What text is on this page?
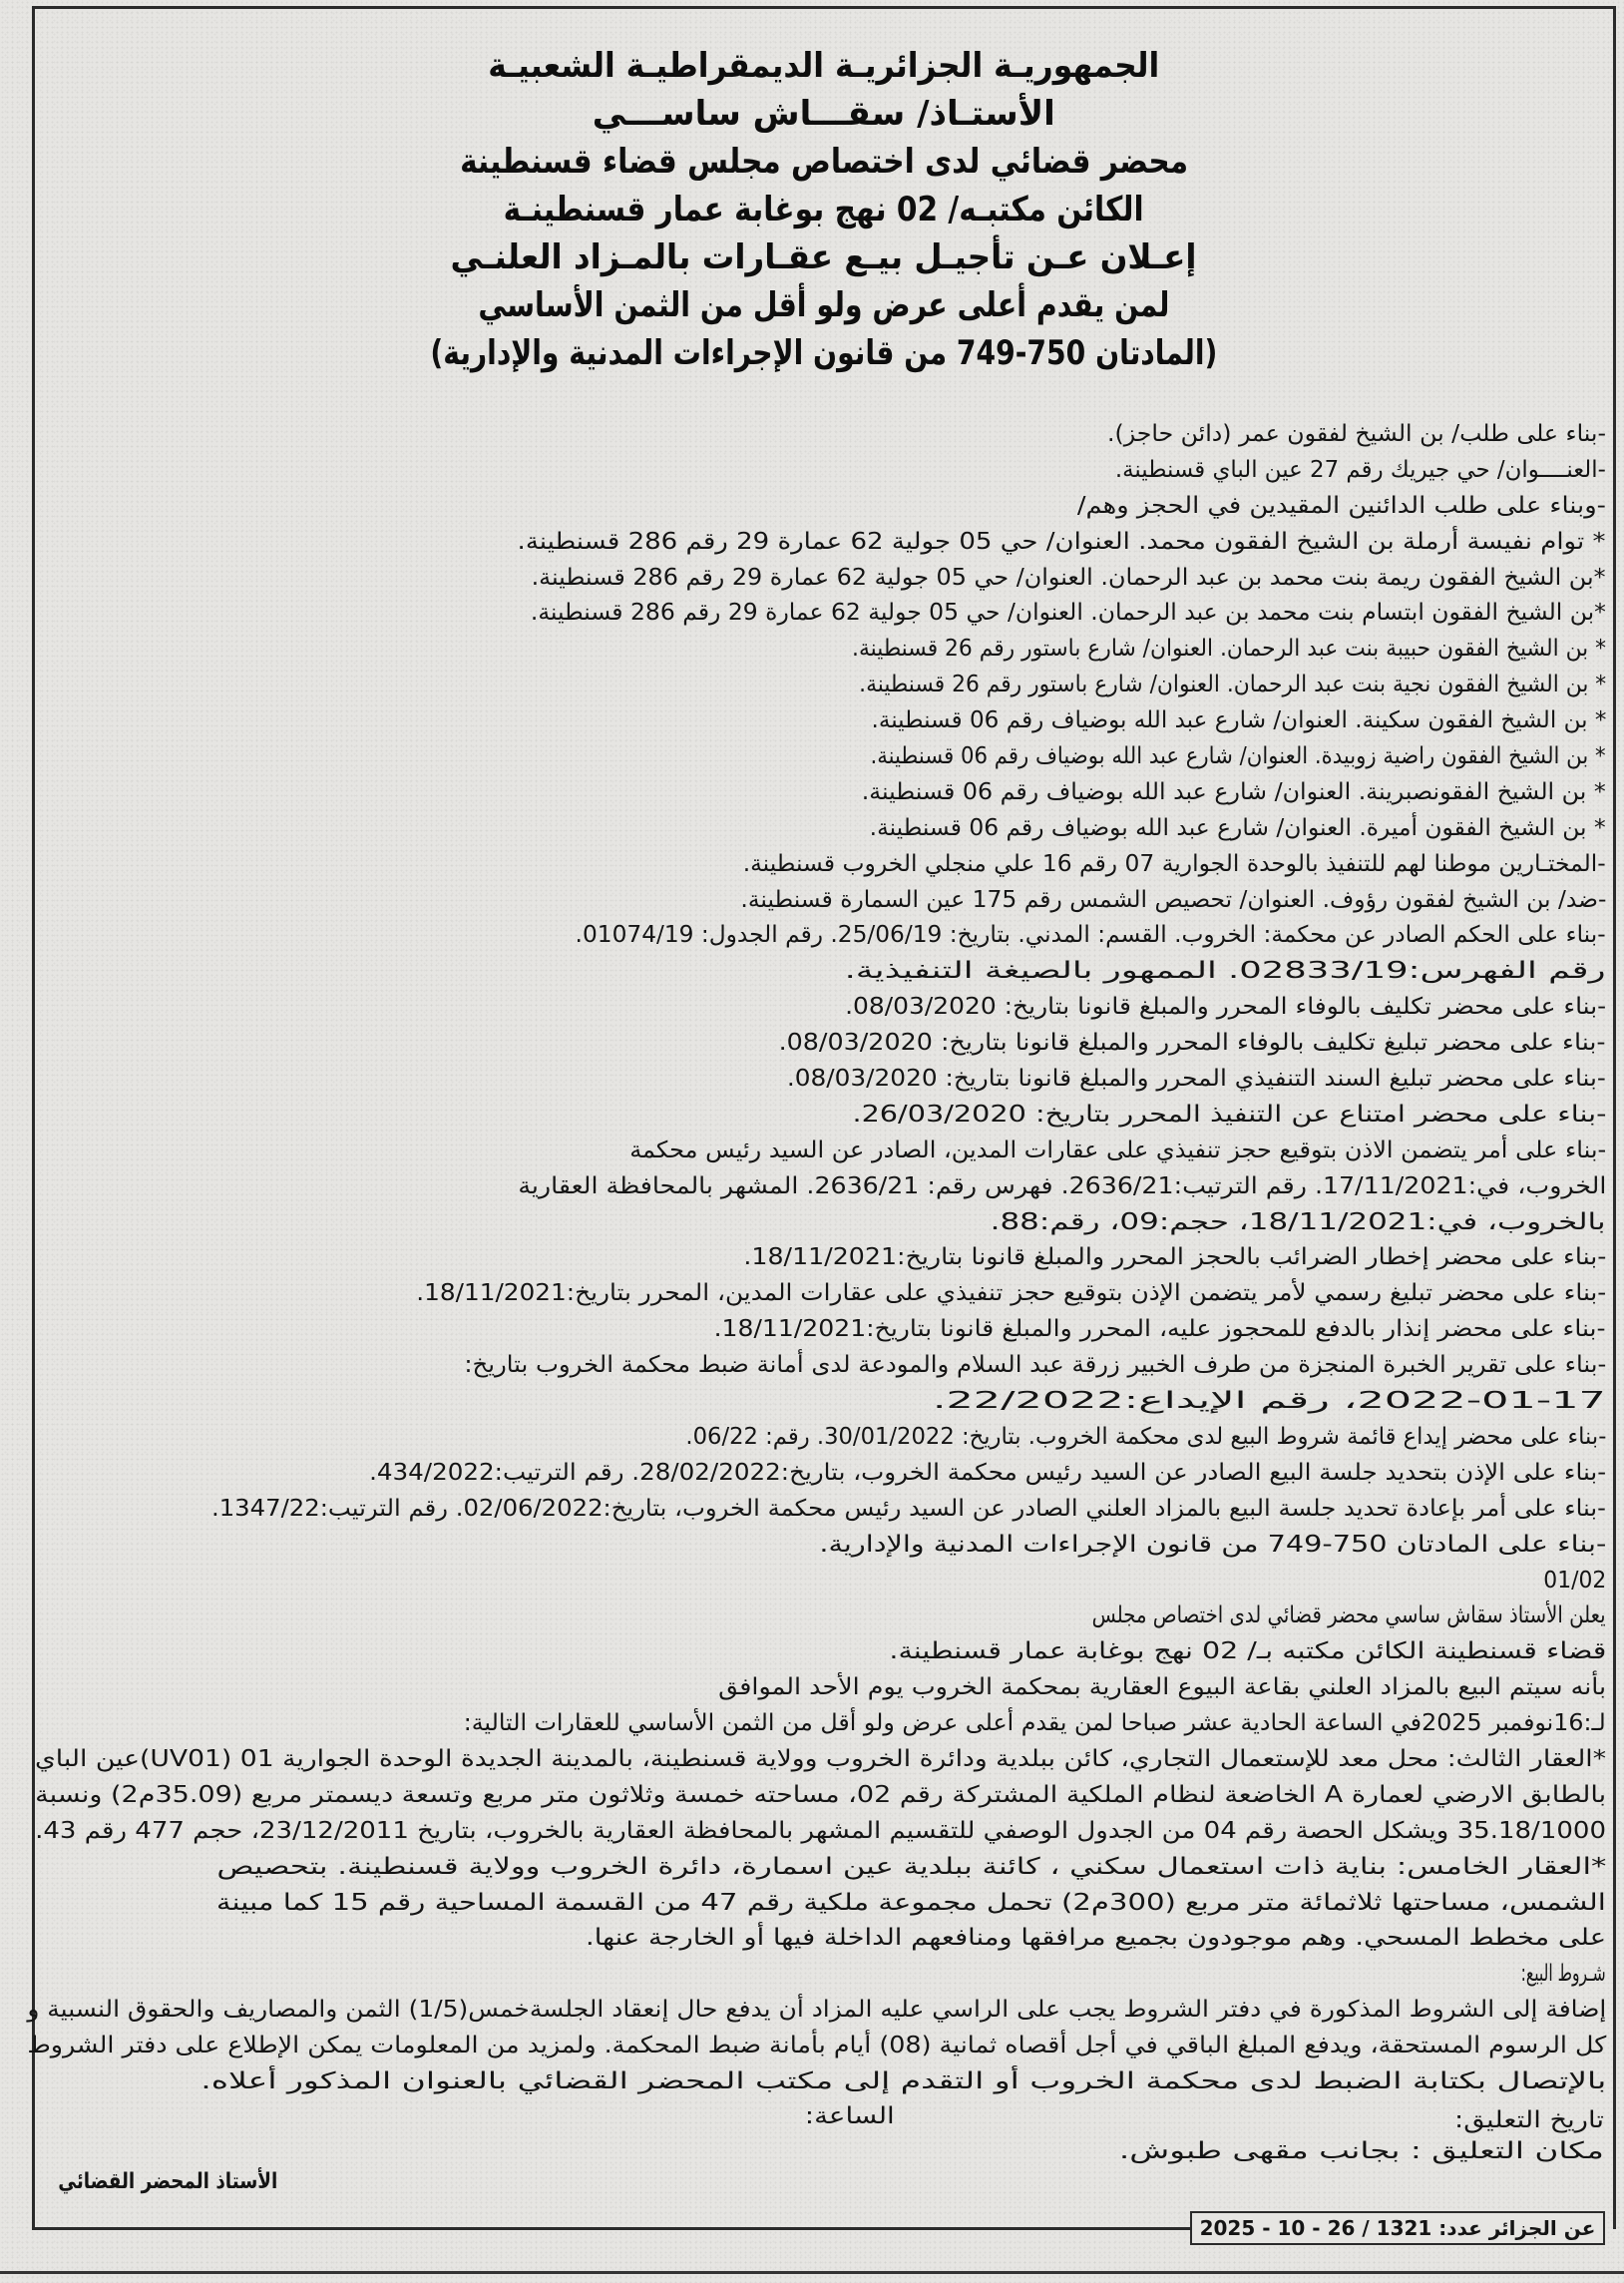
الجمهوريـة الجزائريـة الديمقراطيـة الشعبيـة
الأستـاذ/ سقـــاش ساســـي
محضر قضائي لدى اختصاص مجلس قضاء قسنطينة
الكائن مكتبـه/ 02 نهج بوغابة عمار قسنطينـة
إعـلان عـن تأجيـل بيـع عقـارات بالمـزاد العلنـي
لمن يقدم أعلى عرض ولو أقل من الثمن الأساسي
(المادتان 750-749 من قانون الإجراءات المدنية والإدارية)
-بناء على طلب/ بن الشيخ لفقون عمر (دائن حاجز).
-العنــــوان/ حي جيريك رقم 27 عين الباي قسنطينة.
-وبناء على طلب الدائنين المقيدين في الحجز وهم/
* توام نفيسة أرملة بن الشيخ الفقون محمد. العنوان/ حي 05 جولية 62 عمارة 29 رقم 286 قسنطينة.
*بن الشيخ الفقون ريمة بنت محمد بن عبد الرحمان. العنوان/ حي 05 جولية 62 عمارة 29 رقم 286 قسنطينة.
*بن الشيخ الفقون ابتسام بنت محمد بن عبد الرحمان. العنوان/ حي 05 جولية 62 عمارة 29 رقم 286 قسنطينة.
* بن الشيخ الفقون حبيبة بنت عبد الرحمان. العنوان/ شارع باستور رقم 26 قسنطينة.
* بن الشيخ الفقون نجية بنت عبد الرحمان. العنوان/ شارع باستور رقم 26 قسنطينة.
* بن الشيخ الفقون سكينة. العنوان/ شارع عبد الله بوضياف رقم 06 قسنطينة.
* بن الشيخ الفقون راضية زوبيدة. العنوان/ شارع عبد الله بوضياف رقم 06 قسنطينة.
* بن الشيخ الفقونصبرينة. العنوان/ شارع عبد الله بوضياف رقم 06 قسنطينة.
* بن الشيخ الفقون أميرة. العنوان/ شارع عبد الله بوضياف رقم 06 قسنطينة.
-المختـارين موطنا لهم للتنفيذ بالوحدة الجوارية 07 رقم 16 علي منجلي الخروب قسنطينة.
-ضد/ بن الشيخ لفقون رؤوف. العنوان/ تحصيص الشمس رقم 175 عين السمارة قسنطينة.
-بناء على الحكم الصادر عن محكمة: الخروب. القسم: المدني. بتاريخ: 25/06/19. رقم الجدول: 01074/19.
رقم الفهرس:02833/19. الممهور بالصيغة التنفيذية.
-بناء على محضر تكليف بالوفاء المحرر والمبلغ قانونا بتاريخ: 08/03/2020.
-بناء على محضر تبليغ تكليف بالوفاء المحرر والمبلغ قانونا بتاريخ: 08/03/2020.
-بناء على محضر تبليغ السند التنفيذي المحرر والمبلغ قانونا بتاريخ: 08/03/2020.
-بناء على محضر امتناع عن التنفيذ المحرر بتاريخ: 26/03/2020.
-بناء على أمر يتضمن الاذن بتوقيع حجز تنفيذي على عقارات المدين، الصادر عن السيد رئيس محكمة
الخروب، في:17/11/2021. رقم الترتيب:2636/21. فهرس رقم: 2636/21. المشهر بالمحافظة العقارية
بالخروب، في:18/11/2021، حجم:09، رقم:88.
-بناء على محضر إخطار الضرائب بالحجز المحرر والمبلغ قانونا بتاريخ:18/11/2021.
-بناء على محضر تبليغ رسمي لأمر يتضمن الإذن بتوقيع حجز تنفيذي على عقارات المدين، المحرر بتاريخ:18/11/2021.
-بناء على محضر إنذار بالدفع للمحجوز عليه، المحرر والمبلغ قانونا بتاريخ:18/11/2021.
-بناء على تقرير الخبرة المنجزة من طرف الخبير زرقة عبد السلام والمودعة لدى أمانة ضبط محكمة الخروب بتاريخ:
2022-01-17، رقم الإيداع:22/2022.
-بناء على محضر إيداع قائمة شروط البيع لدى محكمة الخروب. بتاريخ: 30/01/2022. رقم: 06/22.
-بناء على الإذن بتحديد جلسة البيع الصادر عن السيد رئيس محكمة الخروب، بتاريخ:28/02/2022. رقم الترتيب:434/2022.
-بناء على أمر بإعادة تحديد جلسة البيع بالمزاد العلني الصادر عن السيد رئيس محكمة الخروب، بتاريخ:02/06/2022. رقم الترتيب:1347/22.
-بناء على المادتان 750-749 من قانون الإجراءات المدنية والإدارية.
01/02
يعلن الأستاذ سقاش ساسي محضر قضائي لدى اختصاص مجلس
قضاء قسنطينة الكائن مكتبه بـ/ 02 نهج بوغابة عمار قسنطينة.
بأنه سيتم البيع بالمزاد العلني بقاعة البيوع العقارية بمحكمة الخروب يوم الأحد الموافق
لـ:16نوفمبر 2025في الساعة الحادية عشر صباحا لمن يقدم أعلى عرض ولو أقل من الثمن الأساسي للعقارات التالية:
*العقار الثالث: محل معد للإستعمال التجاري، كائن ببلدية ودائرة الخروب وولاية قسنطينة، بالمدينة الجديدة الوحدة الجوارية 01 (UV01)عين الباي
بالطابق الارضي لعمارة A الخاضعة لنظام الملكية المشتركة رقم 02، مساحته خمسة وثلاثون متر مربع وتسعة ديسمتر مربع (35.09م2) ونسبة
35.18/1000 ويشكل الحصة رقم 04 من الجدول الوصفي للتقسيم المشهر بالمحافظة العقارية بالخروب، بتاريخ 23/12/2011، حجم 477 رقم 43.
*العقار الخامس: بناية ذات استعمال سكني ، كائنة ببلدية عين اسمارة، دائرة الخروب وولاية قسنطينة. بتحصيص
الشمس، مساحتها ثلاثمائة متر مربع (300م2) تحمل مجموعة ملكية رقم 47 من القسمة المساحية رقم 15 كما مبينة
على مخطط المسحي. وهم موجودون بجميع مرافقها ومنافعهم الداخلة فيها أو الخارجة عنها.
شـروط البيع:
إضافة إلى الشروط المذكورة في دفتر الشروط يجب على الراسي عليه المزاد أن يدفع حال إنعقاد الجلسةخمس(1/5) الثمن والمصاريف والحقوق النسبية و
كل الرسوم المستحقة، ويدفع المبلغ الباقي في أجل أقصاه ثمانية (08) أيام بأمانة ضبط المحكمة. ولمزيد من المعلومات يمكن الإطلاع على دفتر الشروط
بالإتصال بكتابة الضبط لدى محكمة الخروب أو التقدم إلى مكتب المحضر القضائي بالعنوان المذكور أعلاه.
الساعة:	تاريخ التعليق:
مكان التعليق : بجانب مقهى طبوش.
الأستاذ المحضر القضائي
عن الجزائر عدد: 1321 / 26 - 10 - 2025
